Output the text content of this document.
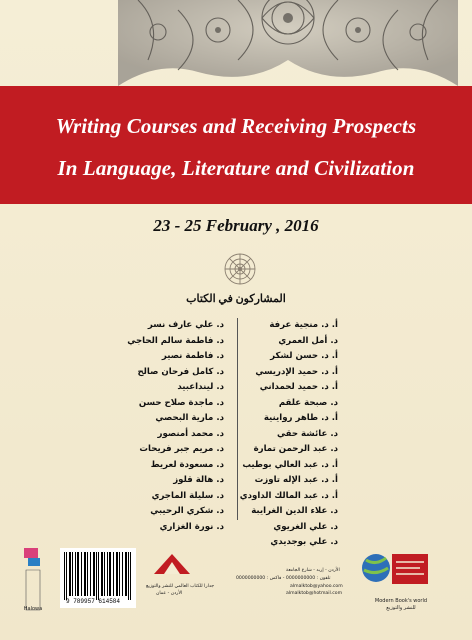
Writing Courses and Receiving Prospects
In Language, Literature and Civilization
23 - 25 February , 2016
المشاركون في الكتاب
أ. د. منجية عرفة
د. أمل العمري
أ. د. حسن لشكر
أ. د. حميد الإدريسي
أ. د. حميد لحمداني
د. صبحة علقم
أ. د. طاهر رواينية
د. عائشة حقي
د. عبد الرحمن تمارة
أ. د. عبد العالي بوطيب
أ. د. عبد الإله تاوزت
أ. د. عبد المالك الداودي
د. علاء الدين الغرايبة
د. علي الغريوي
د. علي بوجديدي
د. علي عارف نسر
د. فاطمة سالم الحاجي
د. فاطمة نصير
د. كامل فرحان صالح
د. لينداعبيد
د. ماجدة صلاح حسن
د. مارية البحصي
د. محمد أمنصور
د. مريم جبر فريحات
د. مسعودة لعريط
د. هالة قلوز
د. سليلة الماجري
د. شكري الرحيبي
د. نورة الغزاري
Halowa
9 789957 614584
جدارا للكتاب العالمي للنشر والتوزيع
الأردن - عمان
الأردن - إربد - شارع الجامعة
تلفون : 0000000000 - فاكس : 0000000000
almalktob@yahoo.com
almalktob@hotmail.com
Modern Book's world
للنشر والتوزيع
